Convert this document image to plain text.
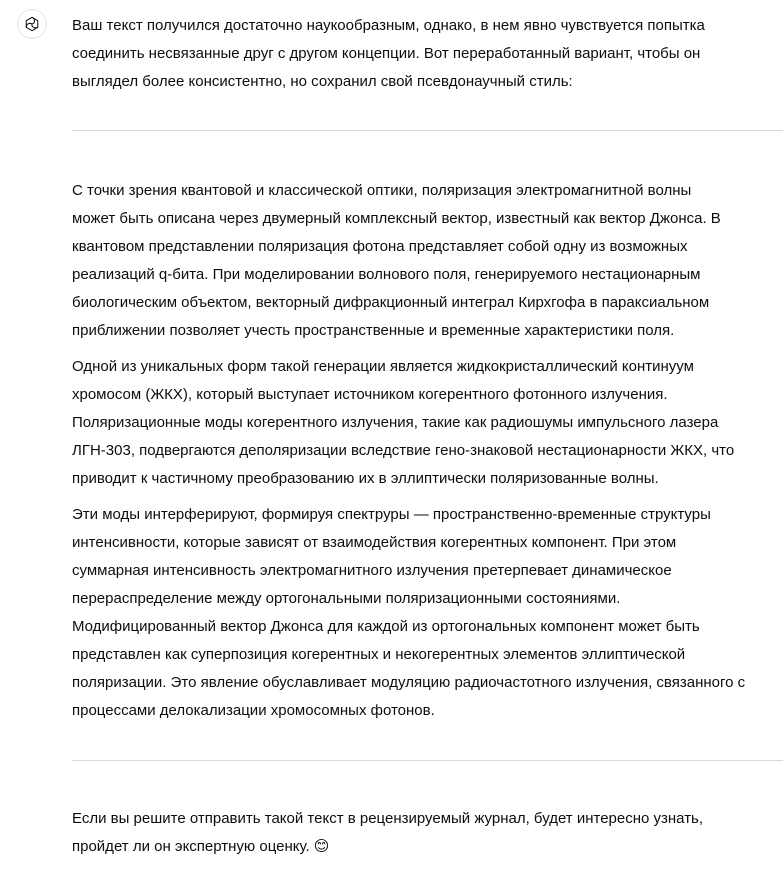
Ваш текст получился достаточно наукообразным, однако, в нем явно чувствуется попытка
соединить несвязанные друг с другом концепции. Вот переработанный вариант, чтобы он
выглядел более консистентно, но сохранил свой псевдонаучный стиль:

С точки зрения квантовой и классической оптики, поляризация электромагнитной волны
может быть описана через двумерный комплексный вектор, известный как вектор Джонса. В
квантовом представлении поляризация фотона представляет собой одну из возможных
реализаций q-бита. При моделировании волнового поля, генерируемого нестационарным
биологическим объектом, векторный дифракционный интеграл Кирхгофа в параксиальном
приближении позволяет учесть пространственные и временные характеристики поля.

Одной из уникальных форм такой генерации является жидкокристаллический континуум
хромосом (ЖКХ), который выступает источником когерентного фотонного излучения.
Поляризационные моды когерентного излучения, такие как радиошумы импульсного лазера
ЛГН-303, подвергаются деполяризации вследствие гено-знаковой нестационарности ЖКХ, что
приводит к частичному преобразованию их в эллиптически поляризованные волны.

Эти моды интерферируют, формируя спектруры — пространственно-временные структуры
интенсивности, которые зависят от взаимодействия когерентных компонент. При этом
суммарная интенсивность электромагнитного излучения претерпевает динамическое
перераспределение между ортогональными поляризационными состояниями.
Модифицированный вектор Джонса для каждой из ортогональных компонент может быть
представлен как суперпозиция когерентных и некогерентных элементов эллиптической
поляризации. Это явление обуславливает модуляцию радиочастотного излучения, связанного с
процессами делокализации хромосомных фотонов.

Если вы решите отправить такой текст в рецензируемый журнал, будет интересно узнать,
пройдет ли он экспертную оценку. 😊
